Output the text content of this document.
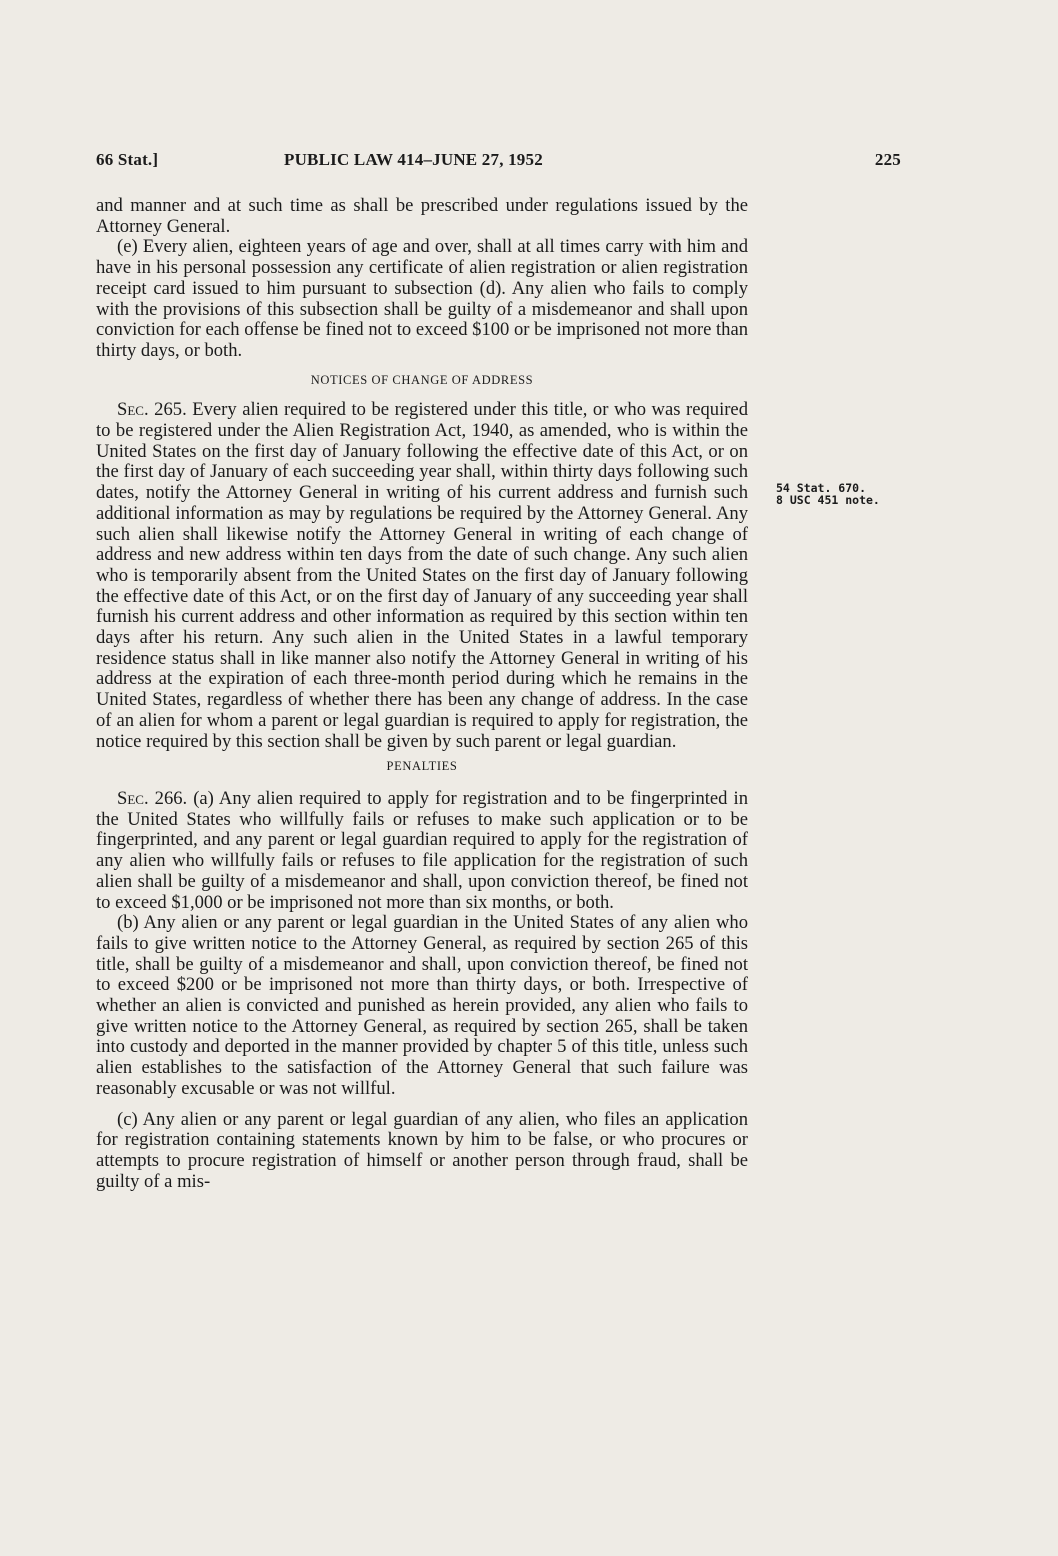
66 Stat.]	PUBLIC LAW 414–JUNE 27, 1952	225

and manner and at such time as shall be prescribed under regulations issued by the Attorney General.

(e) Every alien, eighteen years of age and over, shall at all times carry with him and have in his personal possession any certificate of alien registration or alien registration receipt card issued to him pursuant to subsection (d). Any alien who fails to comply with the provisions of this subsection shall be guilty of a misdemeanor and shall upon conviction for each offense be fined not to exceed $100 or be imprisoned not more than thirty days, or both.

NOTICES OF CHANGE OF ADDRESS

Sec. 265. Every alien required to be registered under this title, or who was required to be registered under the Alien Registration Act, 1940, as amended, who is within the United States on the first day of January following the effective date of this Act, or on the first day of January of each succeeding year shall, within thirty days following such dates, notify the Attorney General in writing of his current address and furnish such additional information as may by regulations be required by the Attorney General. Any such alien shall likewise notify the Attorney General in writing of each change of address and new address within ten days from the date of such change. Any such alien who is temporarily absent from the United States on the first day of January following the effective date of this Act, or on the first day of January of any succeeding year shall furnish his current address and other information as required by this section within ten days after his return. Any such alien in the United States in a lawful temporary residence status shall in like manner also notify the Attorney General in writing of his address at the expiration of each three-month period during which he remains in the United States, regardless of whether there has been any change of address. In the case of an alien for whom a parent or legal guardian is required to apply for registration, the notice required by this section shall be given by such parent or legal guardian.

PENALTIES

Sec. 266. (a) Any alien required to apply for registration and to be fingerprinted in the United States who willfully fails or refuses to make such application or to be fingerprinted, and any parent or legal guardian required to apply for the registration of any alien who willfully fails or refuses to file application for the registration of such alien shall be guilty of a misdemeanor and shall, upon conviction thereof, be fined not to exceed $1,000 or be imprisoned not more than six months, or both.

(b) Any alien or any parent or legal guardian in the United States of any alien who fails to give written notice to the Attorney General, as required by section 265 of this title, shall be guilty of a misdemeanor and shall, upon conviction thereof, be fined not to exceed $200 or be imprisoned not more than thirty days, or both. Irrespective of whether an alien is convicted and punished as herein provided, any alien who fails to give written notice to the Attorney General, as required by section 265, shall be taken into custody and deported in the manner provided by chapter 5 of this title, unless such alien establishes to the satisfaction of the Attorney General that such failure was reasonably excusable or was not willful.

(c) Any alien or any parent or legal guardian of any alien, who files an application for registration containing statements known by him to be false, or who procures or attempts to procure registration of himself or another person through fraud, shall be guilty of a mis-

54 Stat. 670.
8 USC 451 note.
